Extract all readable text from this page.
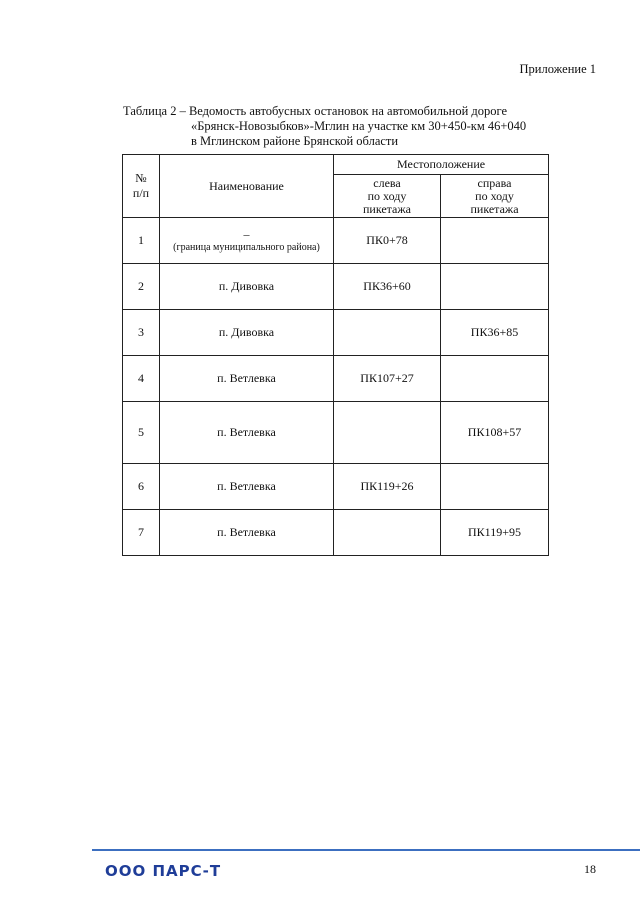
Приложение 1
Таблица 2 – Ведомость автобусных остановок на автомобильной дороге
«Брянск-Новозыбков»-Мглин на участке км 30+450-км 46+040
в Мглинском районе Брянской области
№
п/п	Наименование	Местоположение	
		слева
по ходу
пикетажа	справа
по ходу
пикетажа
1	–
(граница муниципального района)	ПК0+78	
2	п. Дивовка	ПК36+60	
3	п. Дивовка		ПК36+85
4	п. Ветлевка	ПК107+27	
5	п. Ветлевка		ПК108+57
6	п. Ветлевка	ПК119+26	
7	п. Ветлевка		ПК119+95
ООО ПАРС-Т	18
